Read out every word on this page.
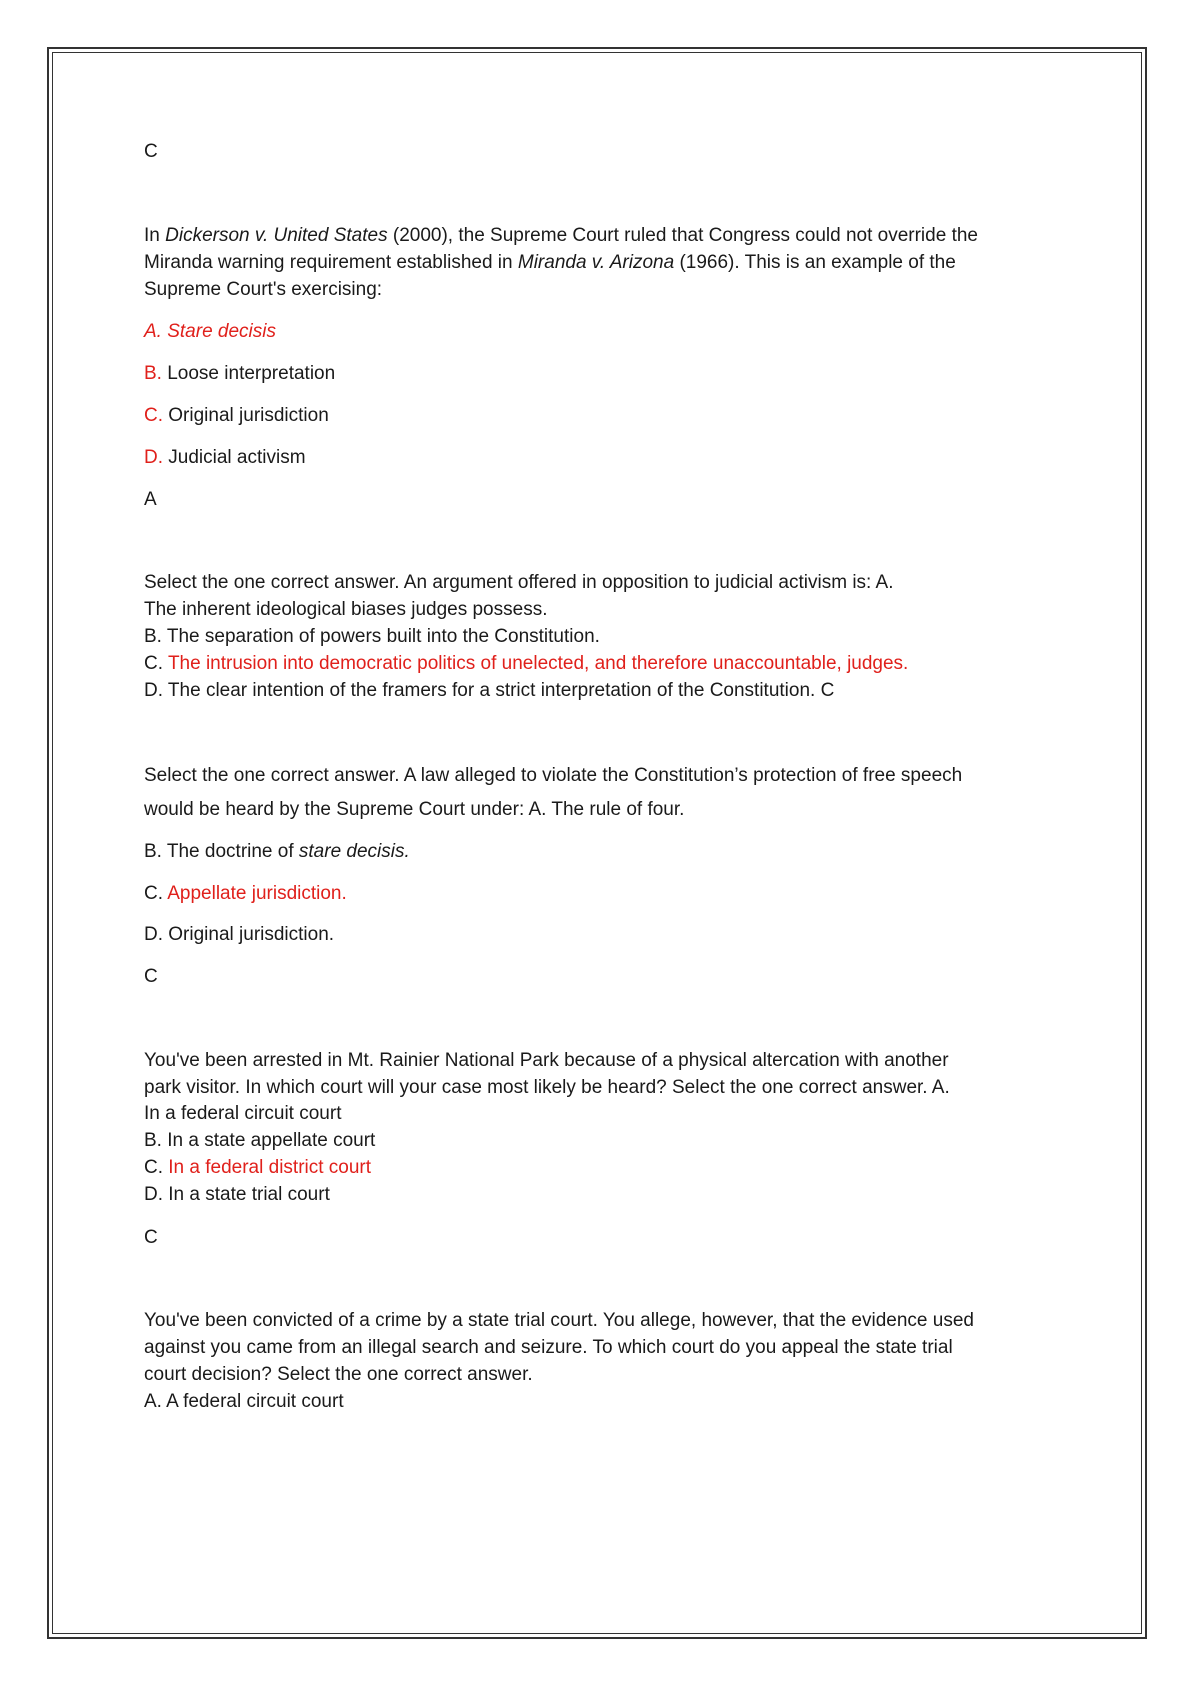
C
In Dickerson v. United States (2000), the Supreme Court ruled that Congress could not override the
Miranda warning requirement established in Miranda v. Arizona (1966). This is an example of the
Supreme Court's exercising:
A. Stare decisis
B. Loose interpretation
C. Original jurisdiction
D. Judicial activism
A
Select the one correct answer. An argument offered in opposition to judicial activism is: A.
The inherent ideological biases judges possess.
B. The separation of powers built into the Constitution.
C. The intrusion into democratic politics of unelected, and therefore unaccountable, judges.
D. The clear intention of the framers for a strict interpretation of the Constitution. C
Select the one correct answer. A law alleged to violate the Constitution’s protection of free speech
would be heard by the Supreme Court under: A. The rule of four.
B. The doctrine of stare decisis.
C. Appellate jurisdiction.
D. Original jurisdiction.
C
You've been arrested in Mt. Rainier National Park because of a physical altercation with another
park visitor. In which court will your case most likely be heard? Select the one correct answer. A.
In a federal circuit court
B. In a state appellate court
C. In a federal district court
D. In a state trial court
C
You've been convicted of a crime by a state trial court. You allege, however, that the evidence used
against you came from an illegal search and seizure. To which court do you appeal the state trial
court decision? Select the one correct answer.
A. A federal circuit court
